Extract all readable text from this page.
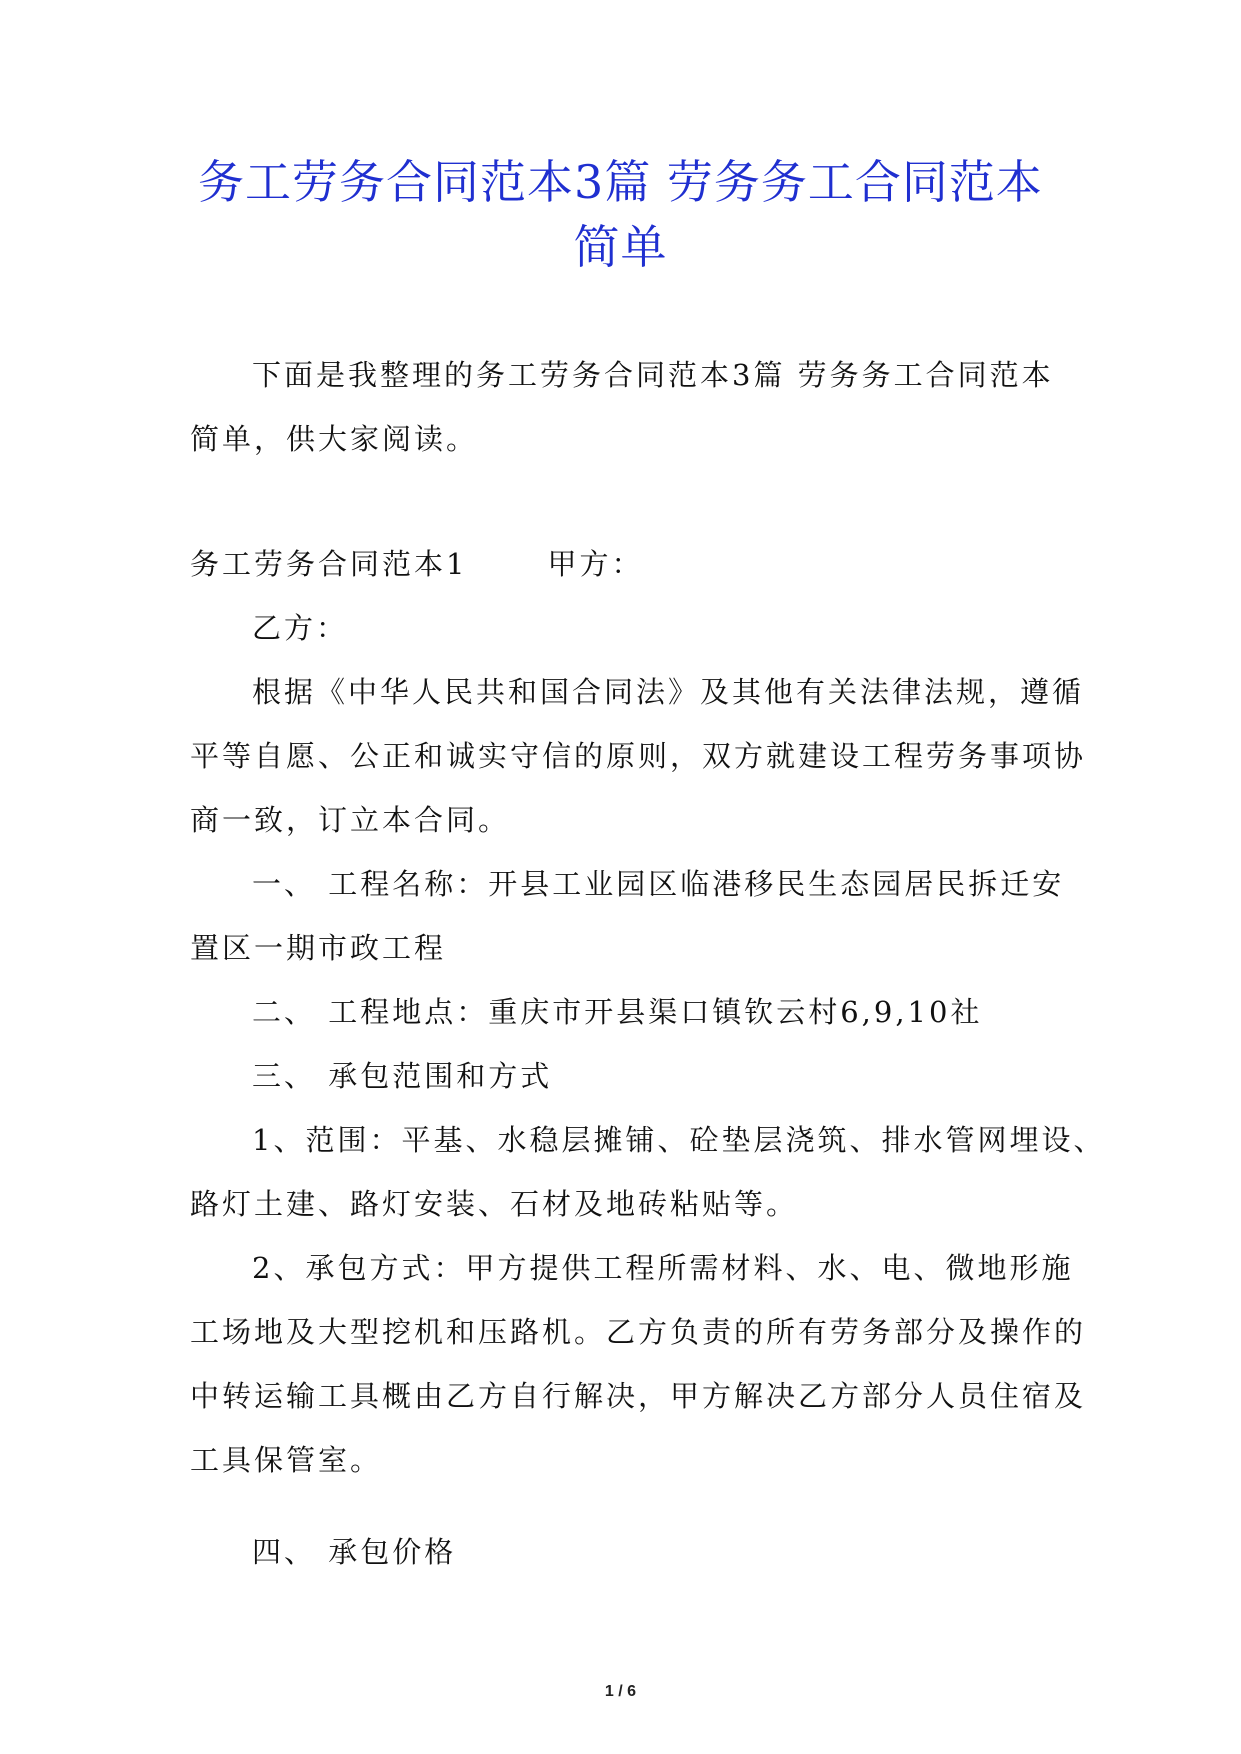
务工劳务合同范本3篇 劳务务工合同范本
简单
下面是我整理的务工劳务合同范本3篇 劳务务工合同范本
简单，供大家阅读。
务工劳务合同范本1	甲方：
乙方：
根据《中华人民共和国合同法》及其他有关法律法规，遵循
平等自愿、公正和诚实守信的原则，双方就建设工程劳务事项协
商一致，订立本合同。
一、 工程名称：开县工业园区临港移民生态园居民拆迁安
置区一期市政工程
二、 工程地点：重庆市开县渠口镇钦云村6,9,10社
三、 承包范围和方式
1、范围：平基、水稳层摊铺、砼垫层浇筑、排水管网埋设、
路灯土建、路灯安装、石材及地砖粘贴等。
2、承包方式：甲方提供工程所需材料、水、电、微地形施
工场地及大型挖机和压路机。乙方负责的所有劳务部分及操作的
中转运输工具概由乙方自行解决，甲方解决乙方部分人员住宿及
工具保管室。
四、 承包价格
1 / 6
